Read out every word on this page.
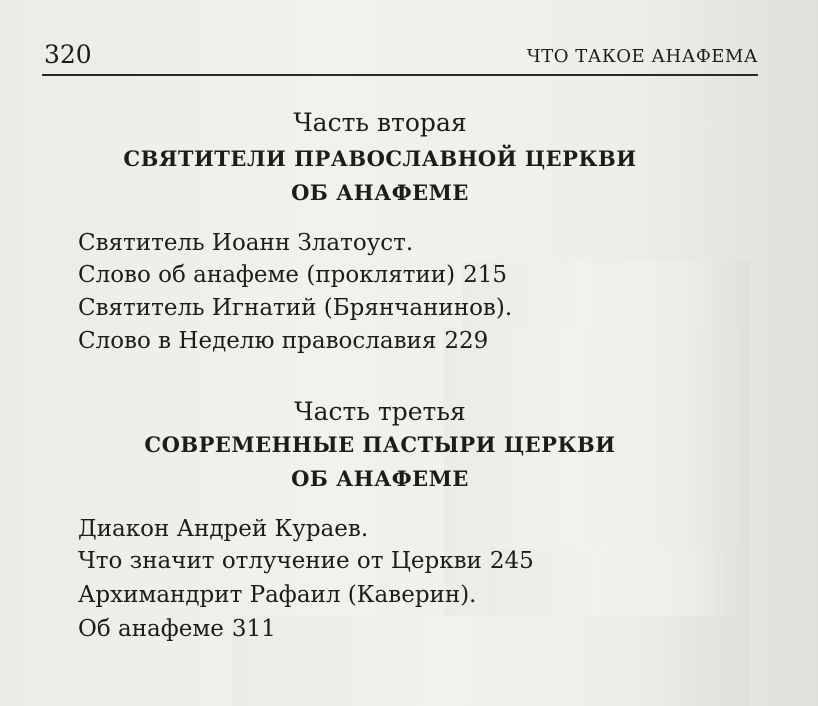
320	ЧТО ТАКОЕ АНАФЕМА
Часть вторая
СВЯТИТЕЛИ ПРАВОСЛАВНОЙ ЦЕРКВИ
ОБ АНАФЕМЕ
Святитель Иоанн Златоуст.
Слово об анафеме (проклятии) 215
Святитель Игнатий (Брянчанинов).
Слово в Неделю православия 229
Часть третья
СОВРЕМЕННЫЕ ПАСТЫРИ ЦЕРКВИ
ОБ АНАФЕМЕ
Диакон Андрей Кураев.
Что значит отлучение от Церкви 245
Архимандрит Рафаил (Каверин).
Об анафеме 311
